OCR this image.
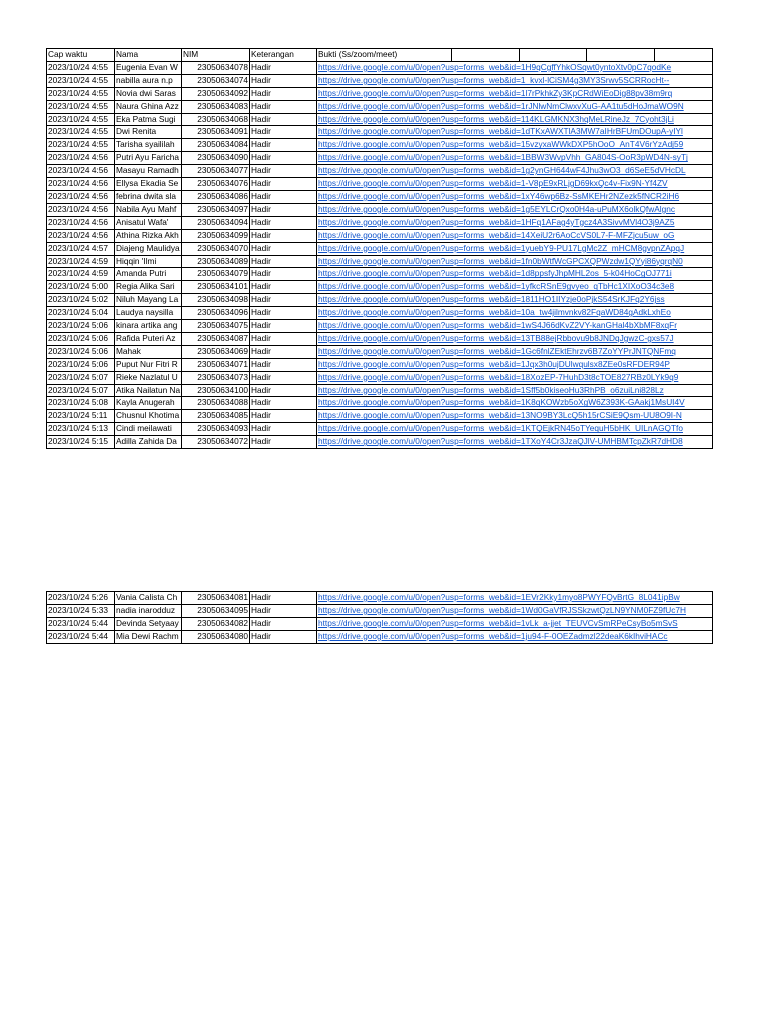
Cap waktu	Nama	NIM	Keterangan	Bukti (Ss/zoom/meet)				
2023/10/24 4:55	Eugenia Evan W	23050634078	Hadir	https://drive.google.com/u/0/open?usp=forms_web&id=1H9qCgffYhkOSqwt0yntoXtv0pC7qodKe				
2023/10/24 4:55	nabilla aura n.p	23050634074	Hadir	https://drive.google.com/u/0/open?usp=forms_web&id=1_kvxl-lCiSM4g3MY3Srwv5SCRRocHt--				
2023/10/24 4:55	Novia dwi Saras	23050634092	Hadir	https://drive.google.com/u/0/open?usp=forms_web&id=1l7rPkhkZy3KpCRdWiEoDig88pv38m9rq				
2023/10/24 4:55	Naura Ghina Azz	23050634083	Hadir	https://drive.google.com/u/0/open?usp=forms_web&id=1rJNlwNmClwxvXuG-AA1tu5dHoJmaWO9N				
2023/10/24 4:55	Eka Patma Sugi	23050634068	Hadir	https://drive.google.com/u/0/open?usp=forms_web&id=114KLGMKNX3hqMeLRineJz_7Cyoht3jLi				
2023/10/24 4:55	Dwi Renita	23050634091	Hadir	https://drive.google.com/u/0/open?usp=forms_web&id=1dTKxAWXTlA3MW7aIHrBFUmDOupA-yIYl				
2023/10/24 4:55	Tarisha syaililah	23050634084	Hadir	https://drive.google.com/u/0/open?usp=forms_web&id=15vzyxaWWkDXP5hOoO_AnT4V6rYzAdj59				
2023/10/24 4:56	Putri Ayu Faricha	23050634090	Hadir	https://drive.google.com/u/0/open?usp=forms_web&id=1BBW3WvpVhh_GA804S-OoR3pWD4N-syTj				
2023/10/24 4:56	Masayu Ramadh	23050634077	Hadir	https://drive.google.com/u/0/open?usp=forms_web&id=1g2ynGH644wF4Jhu3wO3_d6SeE5dVHcDL				
2023/10/24 4:56	Ellysa Ekadia Se	23050634076	Hadir	https://drive.google.com/u/0/open?usp=forms_web&id=1-V8pE9xRLjgD69kxQc4v-Fix9N-Yf4ZV				
2023/10/24 4:56	febrina dwita sla	23050634086	Hadir	https://drive.google.com/u/0/open?usp=forms_web&id=1xY46wp6Bz-SsMKEHr2NZezk5fNCR2iH6				
2023/10/24 4:56	Nabila Ayu Mahf	23050634097	Hadir	https://drive.google.com/u/0/open?usp=forms_web&id=1g5EYLCrQxo0H4a-uPuMX6olkQfwAlgnc				
2023/10/24 4:56	Anisatul Wafa'	23050634094	Hadir	https://drive.google.com/u/0/open?usp=forms_web&id=1HFq1AFag4yTgcz4A3SivvMVl4O3j9AZ5				
2023/10/24 4:56	Athina Rizka Akh	23050634099	Hadir	https://drive.google.com/u/0/open?usp=forms_web&id=14XeiU2r6AoCcVS0L7-F-MFZjcu5uw_oG				
2023/10/24 4:57	Diajeng Maulidya	23050634070	Hadir	https://drive.google.com/u/0/open?usp=forms_web&id=1yuebY9-PU17LgMc2Z_mHCM8gvpnZApqJ				
2023/10/24 4:59	Hiqqin 'Ilmi	23050634089	Hadir	https://drive.google.com/u/0/open?usp=forms_web&id=1fn0bWtfWcGPCXQPWzdw1QYyi86yqrqN0				
2023/10/24 4:59	Amanda Putri	23050634079	Hadir	https://drive.google.com/u/0/open?usp=forms_web&id=1d8ppsfyJhpMHL2os_5-k04HoCgOJ771i				
2023/10/24 5:00	Regia Alika Sari	23050634101	Hadir	https://drive.google.com/u/0/open?usp=forms_web&id=1yfkcRSnE9gvyeo_qTbHc1XIXoO34c3e8				
2023/10/24 5:02	Niluh Mayang La	23050634098	Hadir	https://drive.google.com/u/0/open?usp=forms_web&id=1811HO1IIYzje0oPjkS54SrKJFq2Y6jss				
2023/10/24 5:04	Laudya naysilla	23050634096	Hadir	https://drive.google.com/u/0/open?usp=forms_web&id=10a_tw4jilmvnkv82FqaWD84gAdkLxhEo				
2023/10/24 5:06	kinara artika ang	23050634075	Hadir	https://drive.google.com/u/0/open?usp=forms_web&id=1wS4J66dKvZ2VY-kanGHal4bXbMF8xqFr				
2023/10/24 5:06	Rafida Puteri Az	23050634087	Hadir	https://drive.google.com/u/0/open?usp=forms_web&id=13TB88ejRbbovu9b8JNDqJgwzC-gxs57J				
2023/10/24 5:06	Mahak	23050634069	Hadir	https://drive.google.com/u/0/open?usp=forms_web&id=1Gc6fnlZEktEhrzv6B7ZoYYPrJNTQNFmq				
2023/10/24 5:06	Puput Nur Fitri R	23050634071	Hadir	https://drive.google.com/u/0/open?usp=forms_web&id=1Jqx3h0ujDUlwqulsx8ZEe0sRFDER94P				
2023/10/24 5:07	Rieke Nazlatul U	23050634073	Hadir	https://drive.google.com/u/0/open?usp=forms_web&id=18XozEP-7HuhD3t8cTOE827RBz0LYk9q9				
2023/10/24 5:07	Atika Nailatun Na	23050634100	Hadir	https://drive.google.com/u/0/open?usp=forms_web&id=1Sff5b0kiseoHu3RhPB_o6zuiLni828Lz				
2023/10/24 5:08	Kayla Anugerah	23050634088	Hadir	https://drive.google.com/u/0/open?usp=forms_web&id=1K8qKOWzb5oXgW6Z393K-GAakj1MsUI4V				
2023/10/24 5:11	Chusnul Khotima	23050634085	Hadir	https://drive.google.com/u/0/open?usp=forms_web&id=13NO9BY3LcQ5h15rCSiE9Qsm-UU8O9I-N				
2023/10/24 5:13	Cindi meilawati	23050634093	Hadir	https://drive.google.com/u/0/open?usp=forms_web&id=1KTQEjkRN45oTYequH5bHK_UILnAGQTfo				
2023/10/24 5:15	Adilla Zahida Da	23050634072	Hadir	https://drive.google.com/u/0/open?usp=forms_web&id=1TXoY4Cr3JzaQJlV-UMHBMTcpZkR7dHD8				
2023/10/24 5:26	Vania Calista Ch	23050634081	Hadir	https://drive.google.com/u/0/open?usp=forms_web&id=1EVr2Kky1myo8PWYFQvBrtG_8L041ipBw
2023/10/24 5:33	nadia inarodduz	23050634095	Hadir	https://drive.google.com/u/0/open?usp=forms_web&id=1Wd0GaVfRJSSkzwtQzLN9YNM0FZ9fUc7H
2023/10/24 5:44	Devinda Setyaay	23050634082	Hadir	https://drive.google.com/u/0/open?usp=forms_web&id=1vLk_a-jjet_TEUVCvSmRPeCsyBo5mSvS
2023/10/24 5:44	Mia Dewi Rachm	23050634080	Hadir	https://drive.google.com/u/0/open?usp=forms_web&id=1ju94-F-0OEZadmzl22deaK6kIhviHACc
